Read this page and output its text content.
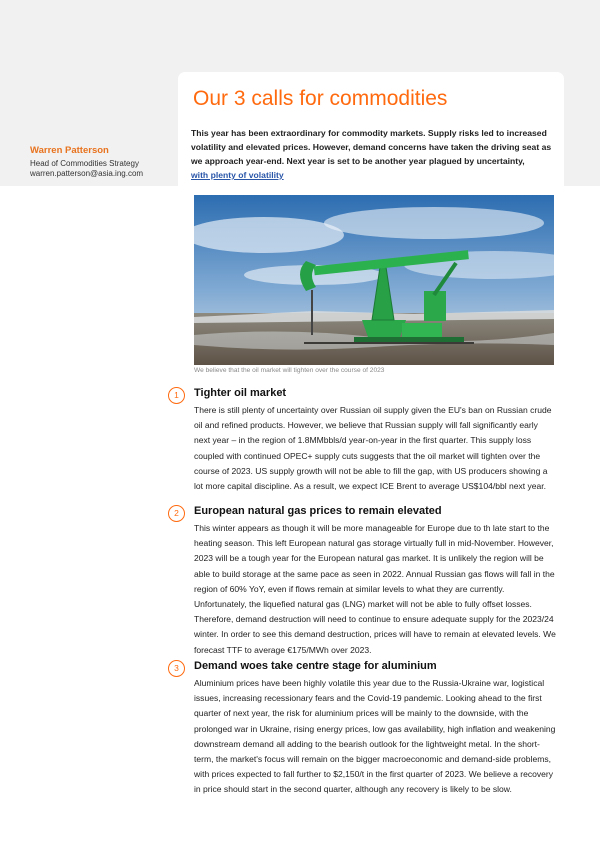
Warren Patterson
Head of Commodities Strategy
warren.patterson@asia.ing.com
Our 3 calls for commodities

This year has been extraordinary for commodity markets. Supply risks led to increased volatility and elevated prices. However, demand concerns have taken the driving seat as we approach year-end. Next year is set to be another year plagued by uncertainty,
with plenty of volatility

We believe that the oil market will tighten over the course of 2023
1	Tighter oil market

There is still plenty of uncertainty over Russian oil supply given the EU's ban on Russian crude oil and refined products. However, we believe that Russian supply will fall significantly early next year – in the region of 1.8MMbbls/d year-on-year in the first quarter. This supply loss coupled with continued OPEC+ supply cuts suggests that the oil market will tighten over the course of 2023. US supply growth will not be able to fill the gap, with US producers showing a lot more capital discipline. As a result, we expect ICE Brent to average US$104/bbl next year.

2	European natural gas prices to remain elevated

This winter appears as though it will be more manageable for Europe due to th late start to the heating season. This left European natural gas storage virtually full in mid-November. However, 2023 will be a tough year for the European natural gas market. It is unlikely the region will be able to build storage at the same pace as seen in 2022. Annual Russian gas flows will fall in the region of 60% YoY, even if flows remain at similar levels to what they are currently. Unfortunately, the liquefied natural gas (LNG) market will not be able to fully offset losses. Therefore, demand destruction will need to continue to ensure adequate supply for the 2023/24 winter. In order to see this demand destruction, prices will have to remain at elevated levels. We forecast TTF to average €175/MWh over 2023.

3	Demand woes take centre stage for aluminium

Aluminium prices have been highly volatile this year due to the Russia-Ukraine war, logistical issues, increasing recessionary fears and the Covid-19 pandemic. Looking ahead to the first quarter of next year, the risk for aluminium prices will be mainly to the downside, with the prolonged war in Ukraine, rising energy prices, low gas availability, high inflation and weakening downstream demand all adding to the bearish outlook for the lightweight metal. In the short-term, the market's focus will remain on the bigger macroeconomic and demand-side problems, with prices expected to fall further to $2,150/t in the first quarter of 2023. We believe a recovery in price should start in the second quarter, although any recovery is likely to be slow.
